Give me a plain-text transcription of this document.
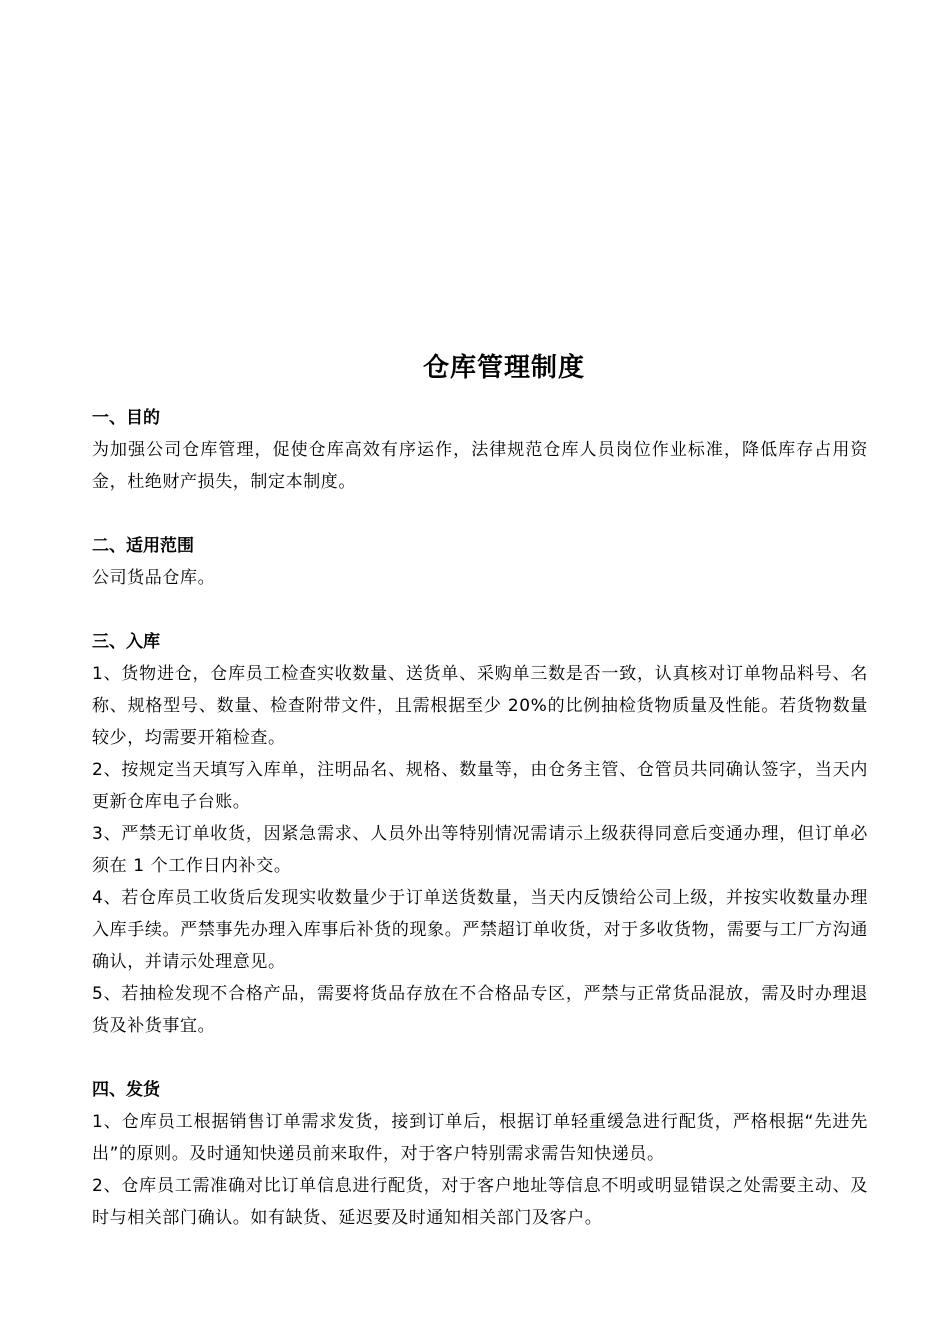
仓库管理制度

一、目的

为加强公司仓库管理，促使仓库高效有序运作，法律规范仓库人员岗位作业标准，降低库存占用资金，杜绝财产损失，制定本制度。

二、适用范围

公司货品仓库。

三、入库

1、货物进仓，仓库员工检查实收数量、送货单、采购单三数是否一致，认真核对订单物品料号、名称、规格型号、数量、检查附带文件，且需根据至少 20%的比例抽检货物质量及性能。若货物数量较少，均需要开箱检查。

2、按规定当天填写入库单，注明品名、规格、数量等，由仓务主管、仓管员共同确认签字，当天内更新仓库电子台账。

3、严禁无订单收货，因紧急需求、人员外出等特别情况需请示上级获得同意后变通办理，但订单必须在 1 个工作日内补交。

4、若仓库员工收货后发现实收数量少于订单送货数量，当天内反馈给公司上级，并按实收数量办理入库手续。严禁事先办理入库事后补货的现象。严禁超订单收货，对于多收货物，需要与工厂方沟通确认，并请示处理意见。

5、若抽检发现不合格产品，需要将货品存放在不合格品专区，严禁与正常货品混放，需及时办理退货及补货事宜。

四、发货

1、仓库员工根据销售订单需求发货，接到订单后，根据订单轻重缓急进行配货，严格根据“先进先出”的原则。及时通知快递员前来取件，对于客户特别需求需告知快递员。

2、仓库员工需准确对比订单信息进行配货，对于客户地址等信息不明或明显错误之处需要主动、及时与相关部门确认。如有缺货、延迟要及时通知相关部门及客户。
